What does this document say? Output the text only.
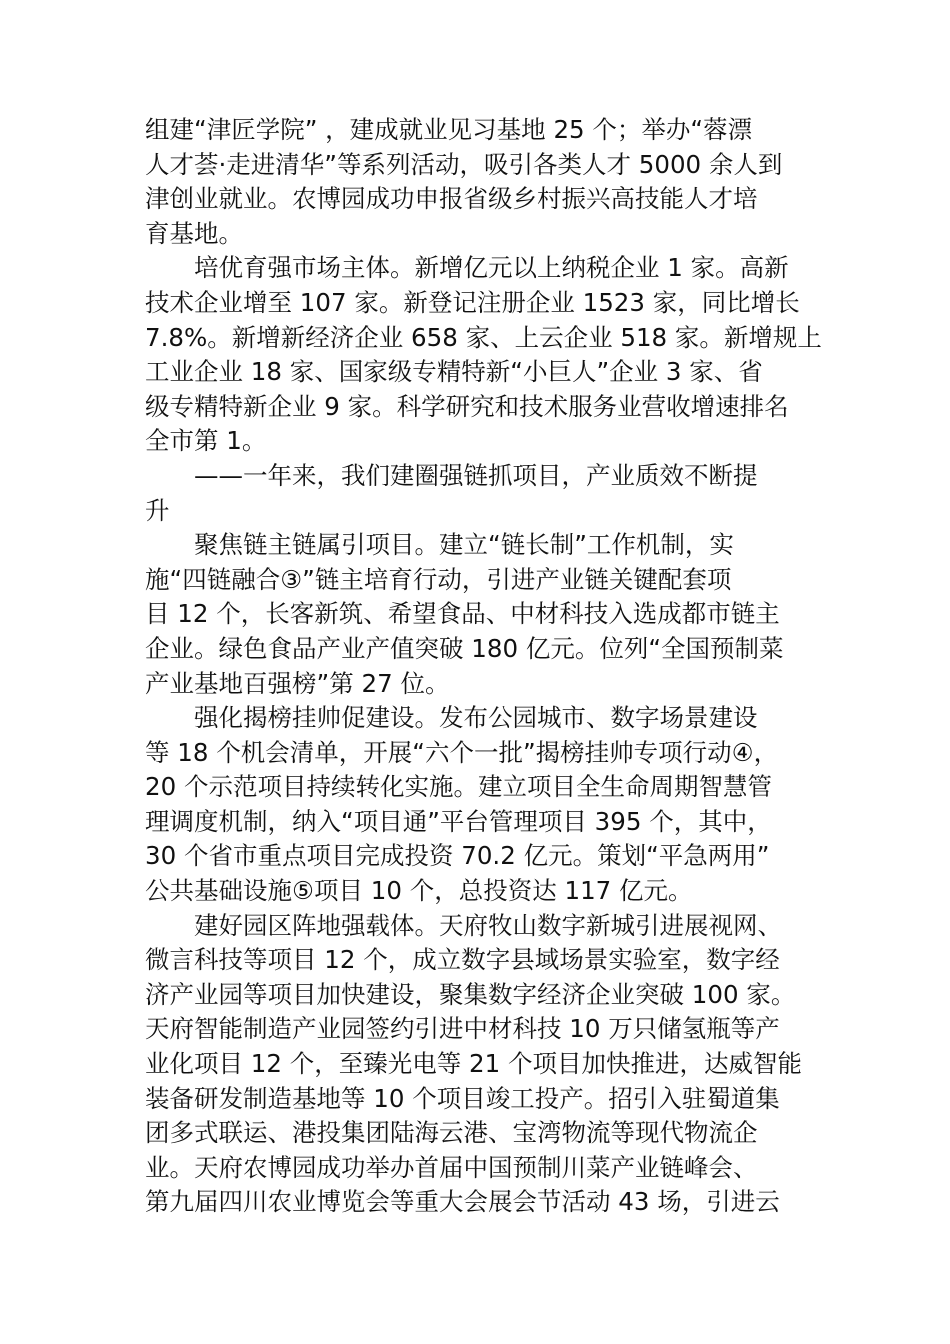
组建“津匠学院” ，建成就业见习基地 25 个；举办“蓉漂
人才荟·走进清华”等系列活动，吸引各类人才 5000 余人到
津创业就业。农博园成功申报省级乡村振兴高技能人才培
育基地。
培优育强市场主体。新增亿元以上纳税企业 1 家。高新
技术企业增至 107 家。新登记注册企业 1523 家，同比增长
7.8%。新增新经济企业 658 家、上云企业 518 家。新增规上
工业企业 18 家、国家级专精特新“小巨人”企业 3 家、省
级专精特新企业 9 家。科学研究和技术服务业营收增速排名
全市第 1。
——一年来，我们建圈强链抓项目，产业质效不断提
升
聚焦链主链属引项目。建立“链长制”工作机制，实
施“四链融合③”链主培育行动，引进产业链关键配套项
目 12 个，长客新筑、希望食品、中材科技入选成都市链主
企业。绿色食品产业产值突破 180 亿元。位列“全国预制菜
产业基地百强榜”第 27 位。
强化揭榜挂帅促建设。发布公园城市、数字场景建设
等 18 个机会清单，开展“六个一批”揭榜挂帅专项行动④，
20 个示范项目持续转化实施。建立项目全生命周期智慧管
理调度机制，纳入“项目通”平台管理项目 395 个，其中，
30 个省市重点项目完成投资 70.2 亿元。策划“平急两用”
公共基础设施⑤项目 10 个，总投资达 117 亿元。
建好园区阵地强载体。天府牧山数字新城引进展视网、
微言科技等项目 12 个，成立数字县域场景实验室，数字经
济产业园等项目加快建设，聚集数字经济企业突破 100 家。
天府智能制造产业园签约引进中材科技 10 万只储氢瓶等产
业化项目 12 个，至臻光电等 21 个项目加快推进，达威智能
装备研发制造基地等 10 个项目竣工投产。招引入驻蜀道集
团多式联运、港投集团陆海云港、宝湾物流等现代物流企
业。天府农博园成功举办首届中国预制川菜产业链峰会、
第九届四川农业博览会等重大会展会节活动 43 场，引进云
